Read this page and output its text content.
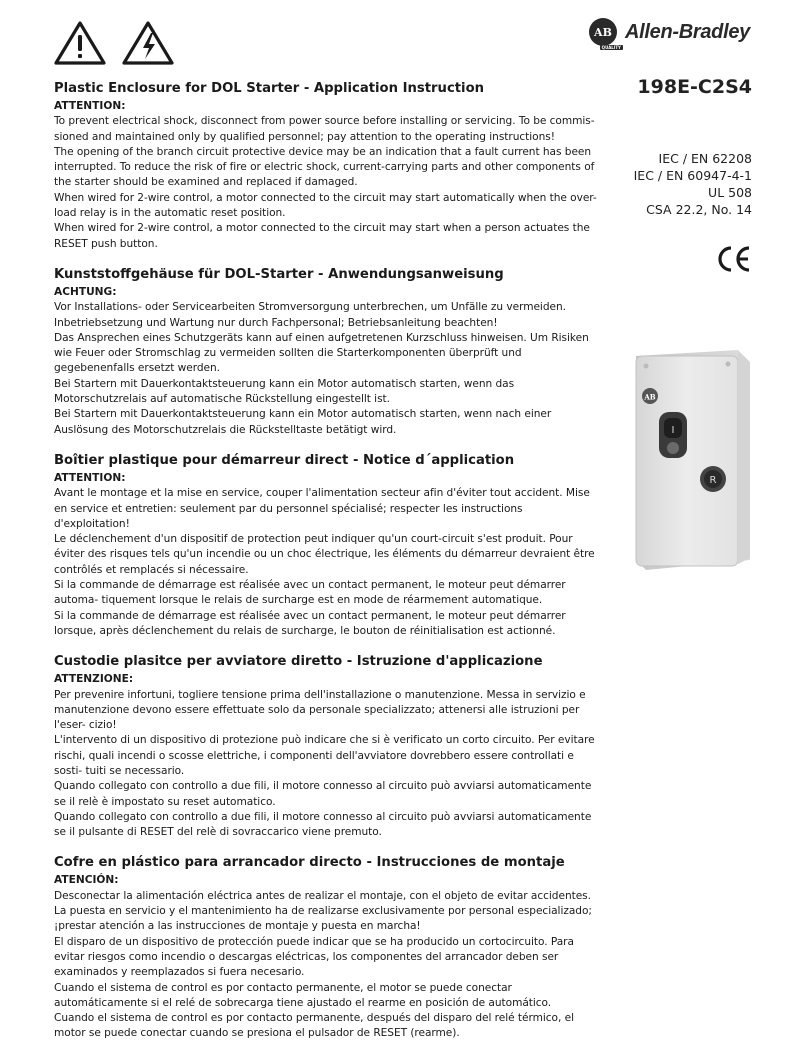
AB
QUALITY
Allen-Bradley
198E-C2S4
IEC / EN 62208
IEC / EN 60947-4-1
UL 508
CSA 22.2, No. 14
AB
I
R
Plastic Enclosure for DOL Starter - Application Instruction
ATTENTION:

To prevent electrical shock, disconnect from power source before installing or servicing. To be commis- sioned and maintained only by qualified personnel; pay attention to the operating instructions!

The opening of the branch circuit protective device may be an indication that a fault current has been interrupted. To reduce the risk of fire or electric shock, current-carrying parts and other components of the starter should be examined and replaced if damaged.

When wired for 2-wire control, a motor connected to the circuit may start automatically when the over- load relay is in the automatic reset position.

When wired for 2-wire control, a motor connected to the circuit may start when a person actuates the RESET push button.

Kunststoffgehäuse für DOL-Starter - Anwendungsanweisung
ACHTUNG:

Vor Installations- oder Servicearbeiten Stromversorgung unterbrechen, um Unfälle zu vermeiden. Inbetriebsetzung und Wartung nur durch Fachpersonal; Betriebsanleitung beachten!

Das Ansprechen eines Schutzgeräts kann auf einen aufgetretenen Kurzschluss hinweisen. Um Risiken wie Feuer oder Stromschlag zu vermeiden sollten die Starterkomponenten überprüft und gegebenenfalls ersetzt werden.

Bei Startern mit Dauerkontaktsteuerung kann ein Motor automatisch starten, wenn das Motorschutzrelais auf automatische Rückstellung eingestellt ist.

Bei Startern mit Dauerkontaktsteuerung kann ein Motor automatisch starten, wenn nach einer Auslösung des Motorschutzrelais die Rückstelltaste betätigt wird.

Boîtier plastique pour démarreur direct - Notice d´application
ATTENTION:

Avant le montage et la mise en service, couper l'alimentation secteur afin d'éviter tout accident. Mise en service et entretien: seulement par du personnel spécialisé; respecter les instructions d'exploitation!

Le déclenchement d'un dispositif de protection peut indiquer qu'un court-circuit s'est produit. Pour éviter des risques tels qu'un incendie ou un choc électrique, les éléments du démarreur devraient être contrôlés et remplacés si nécessaire.

Si la commande de démarrage est réalisée avec un contact permanent, le moteur peut démarrer automa- tiquement lorsque le relais de surcharge est en mode de réarmement automatique.

Si la commande de démarrage est réalisée avec un contact permanent, le moteur peut démarrer lorsque, après déclenchement du relais de surcharge, le bouton de réinitialisation est actionné.

Custodie plasitce per avviatore diretto - Istruzione d'applicazione
ATTENZIONE:

Per prevenire infortuni, togliere tensione prima dell'installazione o manutenzione. Messa in servizio e manutenzione devono essere effettuate solo da personale specializzato; attenersi alle istruzioni per l'eser- cizio!

L'intervento di un dispositivo di protezione può indicare che si è verificato un corto circuito. Per evitare rischi, quali incendi o scosse elettriche, i componenti dell'avviatore dovrebbero essere controllati e sosti- tuiti se necessario.

Quando collegato con controllo a due fili, il motore connesso al circuito può avviarsi automaticamente se il relè è impostato su reset automatico.

Quando collegato con controllo a due fili, il motore connesso al circuito può avviarsi automaticamente se il pulsante di RESET del relè di sovraccarico viene premuto.

Cofre en plástico para arrancador directo - Instrucciones de montaje
ATENCIÓN:

Desconectar la alimentación eléctrica antes de realizar el montaje, con el objeto de evitar accidentes. La puesta en servicio y el mantenimiento ha de realizarse exclusivamente por personal especializado; ¡prestar atención a las instrucciones de montaje y puesta en marcha!

El disparo de un dispositivo de protección puede indicar que se ha producido un cortocircuito. Para evitar riesgos como incendio o descargas eléctricas, los componentes del arrancador deben ser examinados y reemplazados si fuera necesario.

Cuando el sistema de control es por contacto permanente, el motor se puede conectar automáticamente si el relé de sobrecarga tiene ajustado el rearme en posición de automático.

Cuando el sistema de control es por contacto permanente, después del disparo del relé térmico, el motor se puede conectar cuando se presiona el pulsador de RESET (rearme).
